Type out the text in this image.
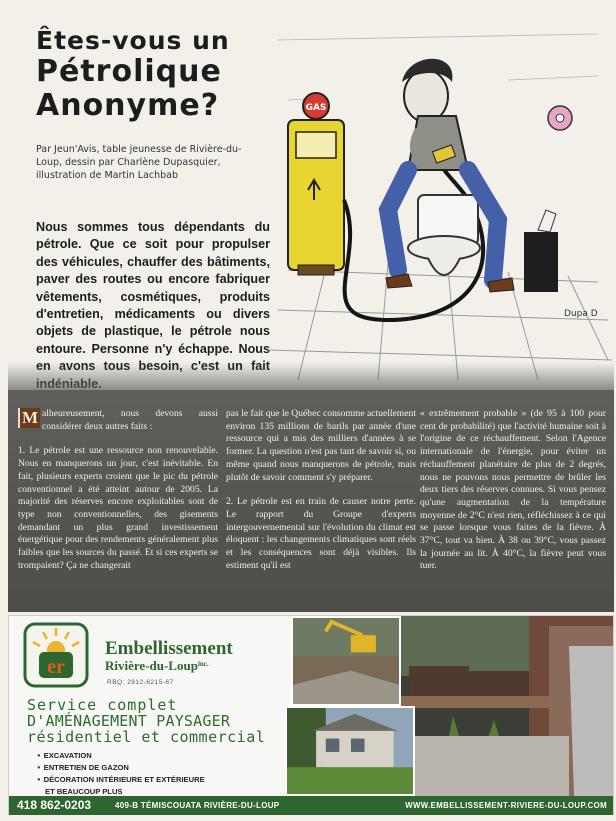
Êtes-vous un
Pétrolique
Anonyme?
Par Jeun'Avis, table jeunesse de Rivière-du-Loup, dessin par Charlène Dupasquier, illustration de Martin Lachbab
Nous sommes tous dépendants du pétrole. Que ce soit pour propulser des véhicules, chauffer des bâtiments, paver des routes ou encore fabriquer vêtements, cosmétiques, produits d'entretien, médicaments ou divers objets de plastique, le pétrole nous entoure. Personne n'y échappe. Nous
GAS
Dupa D

M alheureusement, nous devons aussi considérer deux autres faits :

1. Le pétrole est une ressource non renouvelable. Nous en manquerons un jour, c'est inévitable. En fait, plusieurs experts croient que le pic du pétrole conventionnel a été atteint autour de 2005. La majorité des réserves encore exploitables sont de type non conventionnelles, des gisements demandant un plus grand investissement énergétique pour des rendements généralement plus faibles que les sources du passé. Et si ces experts se trompaient? Ça ne changerait

pas le fait que le Québec consomme actuellement environ 135 millions de barils par année d'une ressource qui a mis des milliers d'années à se former. La question n'est pas tant de savoir si, ou même quand nous manquerons de pétrole, mais plutôt de savoir comment s'y préparer.

2. Le pétrole est en train de causer notre perte. Le rapport du Groupe d'experts intergouvernemental sur l'évolution du climat est éloquent : les changements climatiques sont réels et les conséquences sont déjà visibles. Ils estiment qu'il est

« extrêmement probable » (de 95 à 100 pour cent de probabilité) que l'activité humaine soit à l'origine de ce réchauffement. Selon l'Agence internationale de l'énergie, pour éviter un réchauffement planétaire de plus de 2 degrés, nous ne pouvons nous permettre de brûler les deux tiers des réserves connues. Si vous pensez qu'une augmentation de la température moyenne de 2°C n'est rien, réfléchissez à ce qui se passe lorsque vous faites de la fièvre. À 37°C, tout va bien. À 38 ou 39°C, vous passez la journée au lit. À 40°C, la fièvre peut vous tuer.

er
Embellissement
Rivière-du-Loup$^{inc.}$
RBQ: 2912-6215-67
Service complet
D'AMÉNAGEMENT PAYSAGER
résidentiel et commercial
● EXCAVATION
● ENTRETIEN DE GAZON
● DÉCORATION INTÉRIEURE ET EXTÉRIEURE
ET BEAUCOUP PLUS
418 862-0203	409-B TÉMISCOUATA RIVIÈRE-DU-LOUP	WWW.EMBELLISSEMENT-RIVIERE-DU-LOUP.COM
